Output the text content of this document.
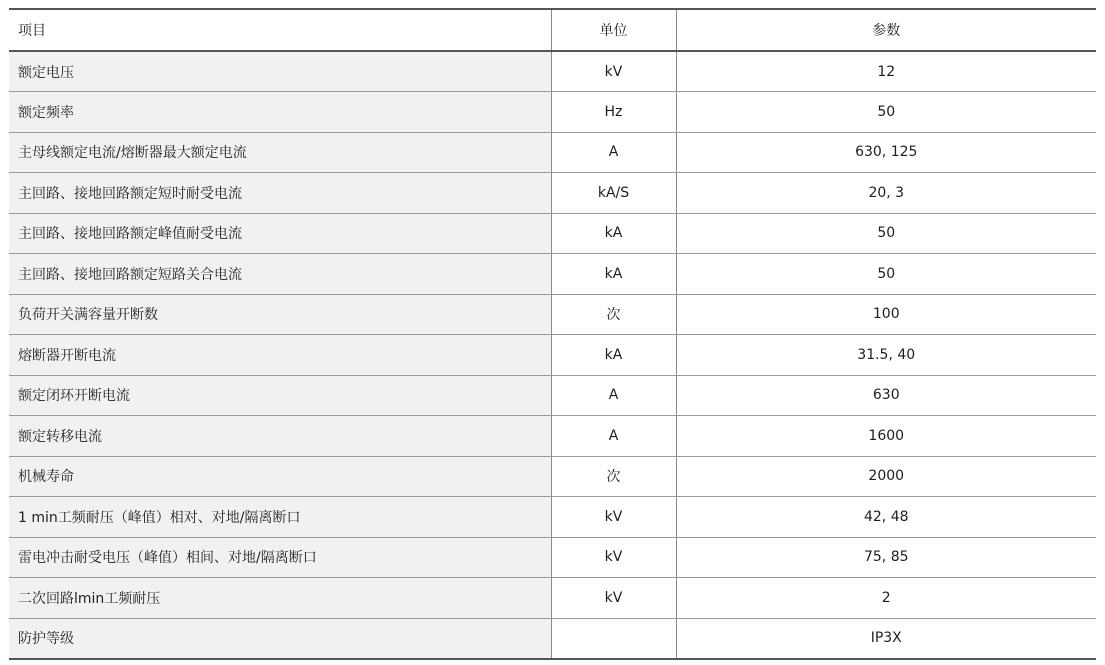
项目	单位	参数
额定电压	kV	12
额定频率	Hz	50
主母线额定电流/熔断器最大额定电流	A	630, 125
主回路、接地回路额定短时耐受电流	kA/S	20, 3
主回路、接地回路额定峰值耐受电流	kA	50
主回路、接地回路额定短路关合电流	kA	50
负荷开关满容量开断数	次	100
熔断器开断电流	kA	31.5, 40
额定闭环开断电流	A	630
额定转移电流	A	1600
机械寿命	次	2000
1 min工频耐压（峰值）相对、对地/隔离断口	kV	42, 48
雷电冲击耐受电压（峰值）相间、对地/隔离断口	kV	75, 85
二次回路lmin工频耐压	kV	2
防护等级		IP3X
